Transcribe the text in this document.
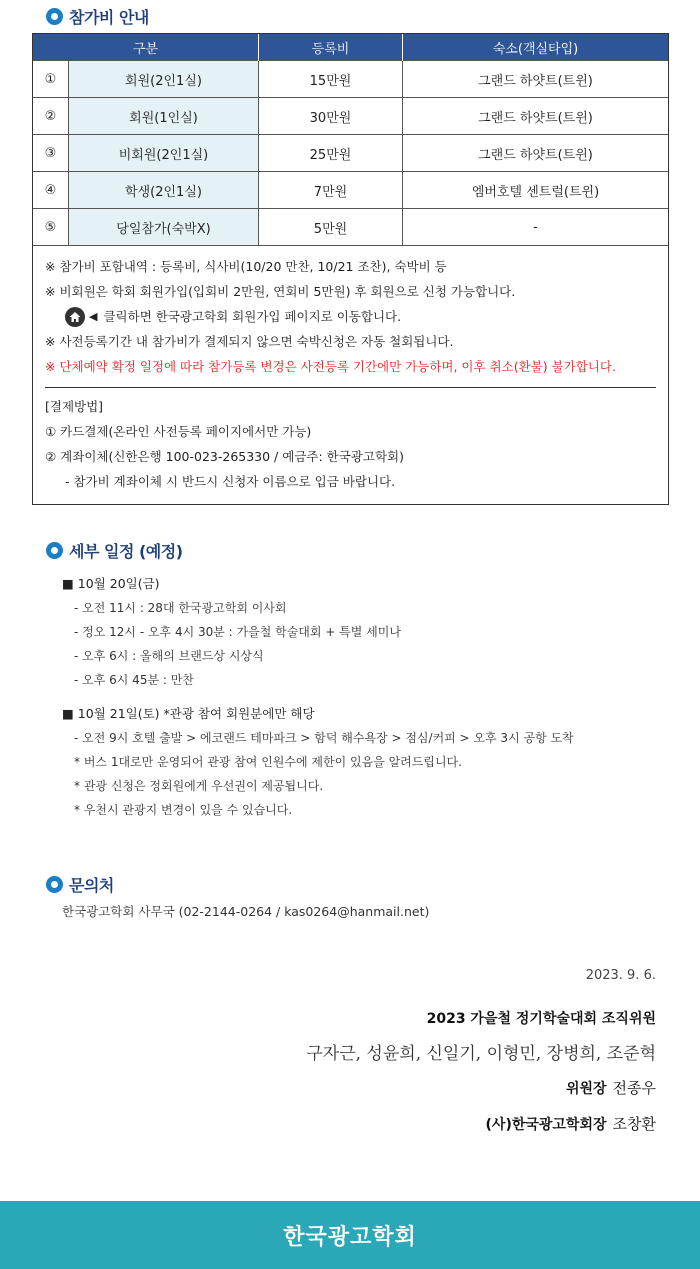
참가비 안내
구분		등록비	숙소(객실타입)
①	회원(2인1실)	15만원	그랜드 하얏트(트윈)
②	회원(1인실)	30만원	그랜드 하얏트(트윈)
③	비회원(2인1실)	25만원	그랜드 하얏트(트윈)
④	학생(2인1실)	7만원	엠버호텔 센트럴(트윈)
⑤	당일참가(숙박X)	5만원	-
※ 참가비 포함내역 : 등록비, 식사비(10/20 만찬, 10/21 조찬), 숙박비 등
※ 비회원은 학회 회원가입(입회비 2만원, 연회비 5만원) 후 회원으로 신청 가능합니다.
◀ 클릭하면 한국광고학회 회원가입 페이지로 이동합니다.
※ 사전등록기간 내 참가비가 결제되지 않으면 숙박신청은 자동 철회됩니다.
※ 단체예약 확정 일정에 따라 참가등록 변경은 사전등록 기간에만 가능하며, 이후 취소(환불) 불가합니다.
[결제방법]
① 카드결제(온라인 사전등록 페이지에서만 가능)
② 계좌이체(신한은행 100-023-265330 / 예금주: 한국광고학회)
- 참가비 계좌이체 시 반드시 신청자 이름으로 입금 바랍니다.
세부 일정 (예정)
■ 10월 20일(금)
- 오전 11시 : 28대 한국광고학회 이사회
- 정오 12시 - 오후 4시 30분 : 가을철 학술대회 + 특별 세미나
- 오후 6시 : 올해의 브랜드상 시상식
- 오후 6시 45분 : 만찬
■ 10월 21일(토) *관광 참여 회원분에만 해당
- 오전 9시 호텔 출발 > 에코랜드 테마파크 > 함덕 해수욕장 > 점심/커피 > 오후 3시 공항 도착
* 버스 1대로만 운영되어 관광 참여 인원수에 제한이 있음을 알려드립니다.
* 관광 신청은 정회원에게 우선권이 제공됩니다.
* 우천시 관광지 변경이 있을 수 있습니다.
문의처
한국광고학회 사무국 (02-2144-0264 / kas0264@hanmail.net)
2023. 9. 6.
2023 가을철 정기학술대회 조직위원
구자근, 성윤희, 신일기, 이형민, 장병희, 조준혁
위원장 전종우
(사)한국광고학회장 조창환
한국광고학회
